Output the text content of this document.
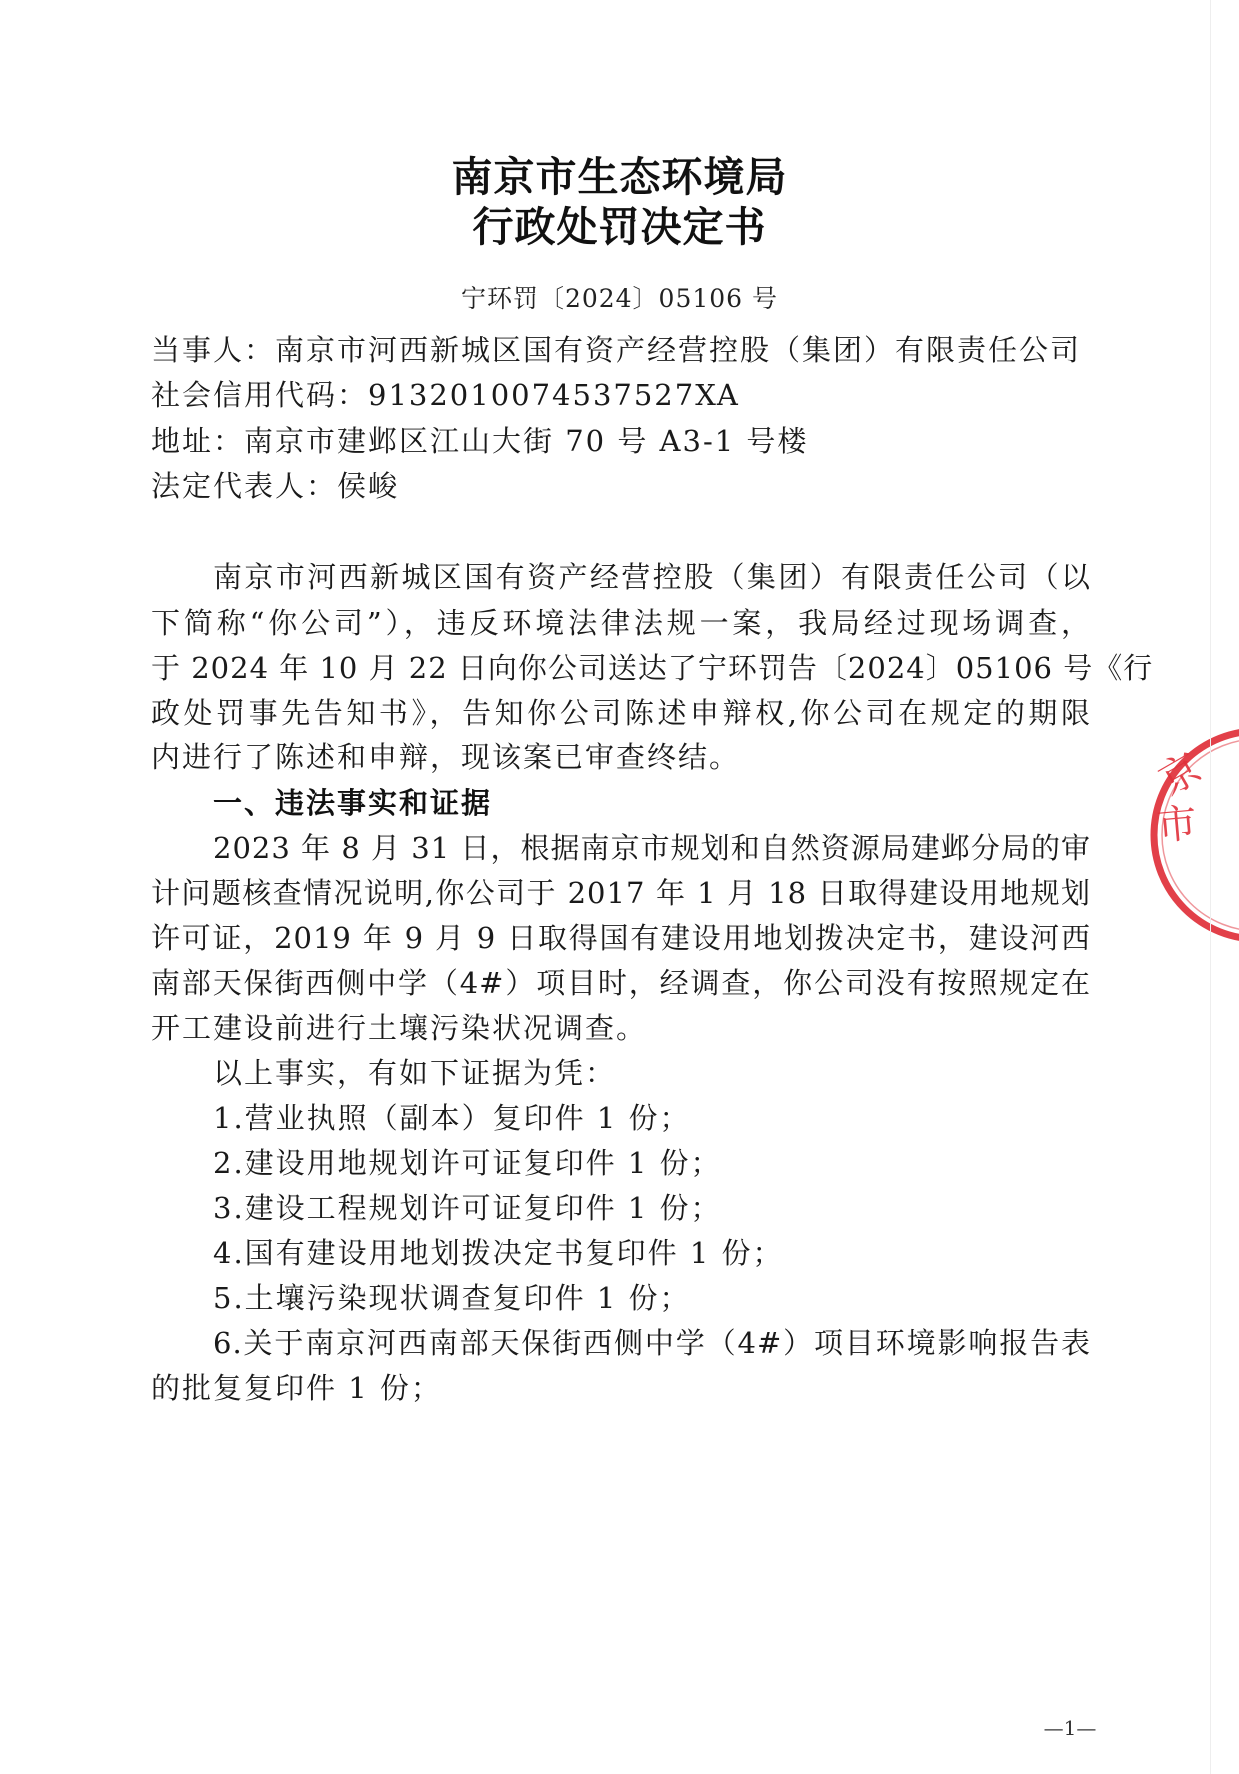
南京市生态环境局
行政处罚决定书
宁环罚〔2024〕05106 号
当事人：南京市河西新城区国有资产经营控股（集团）有限责任公司
社会信用代码：9132010074537527XA
地址：南京市建邺区江山大街 70 号 A3-1 号楼
法定代表人：侯峻
南京市河西新城区国有资产经营控股（集团）有限责任公司（以
下简称“你公司”），违反环境法律法规一案，我局经过现场调查，
于 2024 年 10 月 22 日向你公司送达了宁环罚告〔2024〕05106 号《行
政处罚事先告知书》，告知你公司陈述申辩权,你公司在规定的期限
内进行了陈述和申辩，现该案已审查终结。
一、违法事实和证据
2023 年 8 月 31 日，根据南京市规划和自然资源局建邺分局的审
计问题核查情况说明,你公司于 2017 年 1 月 18 日取得建设用地规划
许可证，2019 年 9 月 9 日取得国有建设用地划拨决定书，建设河西
南部天保街西侧中学（4#）项目时，经调查，你公司没有按照规定在
开工建设前进行土壤污染状况调查。
以上事实，有如下证据为凭：
1.营业执照（副本）复印件 1 份；
2.建设用地规划许可证复印件 1 份；
3.建设工程规划许可证复印件 1 份；
4.国有建设用地划拨决定书复印件 1 份；
5.土壤污染现状调查复印件 1 份；
6.关于南京河西南部天保街西侧中学（4#）项目环境影响报告表
的批复复印件 1 份；
京
市
—1—
